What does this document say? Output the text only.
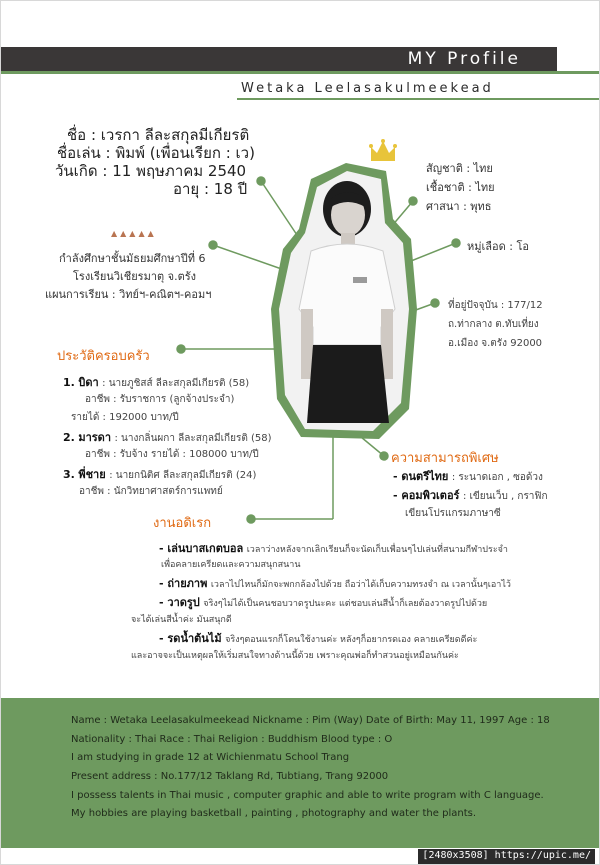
MY Profile
Wetaka Leelasakulmeekead
ชื่อ : เวรกา ลีละสกุลมีเกียรติ
ชื่อเล่น : พิมพ์ (เพื่อนเรียก : เว)
วันเกิด : 11 พฤษภาคม 2540
อายุ : 18 ปี
▲▲▲▲▲
กำลังศึกษาชั้นมัธยมศึกษาปีที่ 6
โรงเรียนวิเชียรมาตุ จ.ตรัง
แผนการเรียน : วิทย์ฯ-คณิตฯ-คอมฯ
สัญชาติ : ไทย
เชื้อชาติ : ไทย
ศาสนา : พุทธ
หมู่เลือด : โอ
ที่อยู่ปัจจุบัน : 177/12
ถ.ท่ากลาง ต.ทับเที่ยง
อ.เมือง จ.ตรัง 92000
ประวัติครอบครัว
1. บิดา : นายภูชิสส์ ลีละสกุลมีเกียรติ (58)
อาชีพ : รับราชการ (ลูกจ้างประจำ)
รายได้ : 192000 บาท/ปี
2. มารดา : นางกลิ่นผกา ลีละสกุลมีเกียรติ (58)
อาชีพ : รับจ้าง รายได้ : 108000 บาท/ปี
3. พี่ชาย : นายกนิติศ ลีละสกุลมีเกียรติ (24)
อาชีพ : นักวิทยาศาสตร์การแพทย์
ความสามารถพิเศษ
- ดนตรีไทย : ระนาดเอก , ซอด้วง
- คอมพิวเตอร์ : เขียนเว็บ , กราฟิก
เขียนโปรแกรมภาษาซี
งานอดิเรก
- เล่นบาสเกตบอล เวลาว่างหลังจากเลิกเรียนก็จะนัดเก็บเพื่อนๆไปเล่นที่สนามกีฬาประจำ
เพื่อคลายเครียดและความสนุกสนาน
- ถ่ายภาพ เวลาไปไหนก็มักจะพกกล้องไปด้วย ถือว่าได้เก็บความทรงจำ ณ เวลานั้นๆเอาไว้
- วาดรูป จริงๆไม่ได้เป็นคนชอบวาดรูปนะคะ แต่ชอบเล่นสีน้ำก็เลยต้องวาดรูปไปด้วย
จะได้เล่นสีน้ำค่ะ มันสนุกดี
- รดน้ำต้นไม้ จริงๆตอนแรกก็โดนใช้งานค่ะ หลังๆก็อยากรดเอง คลายเครียดดีค่ะ
และอาจจะเป็นเหตุผลให้เริ่มสนใจทางด้านนี้ด้วย เพราะคุณพ่อก็ทำสวนอยู่เหมือนกันค่ะ
Name : Wetaka Leelasakulmeekead Nickname : Pim (Way) Date of Birth: May 11, 1997 Age : 18
Nationality : Thai Race : Thai Religion : Buddhism Blood type : O
I am studying in grade 12 at Wichienmatu School Trang
Present address : No.177/12 Taklang Rd, Tubtiang, Trang 92000
I possess talents in Thai music , computer graphic and able to write program with C language.
My hobbies are playing basketball , painting , photography and water the plants.
[2480x3508] https://upic.me/
